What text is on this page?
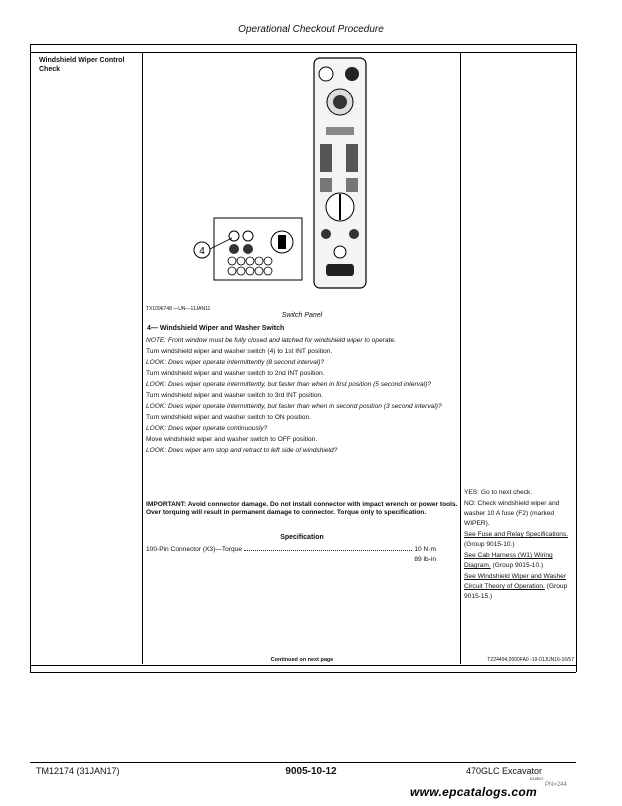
Operational Checkout Procedure
Windshield Wiper Control Check
4
TX1096748 —UN—11JAN11
Switch Panel
4— Windshield Wiper and Washer Switch

NOTE: Front window must be fully closed and latched for windshield wiper to operate.

Turn windshield wiper and washer switch (4) to 1st INT position.

LOOK: Does wiper operate intermittently (8 second interval)?

Turn windshield wiper and washer switch to 2nd INT position.

LOOK: Does wiper operate intermittently, but faster than when in first position (5 second interval)?

Turn windshield wiper and washer switch to 3rd INT position.

LOOK: Does wiper operate intermittently, but faster than when in second position (3 second interval)?

Turn windshield wiper and washer switch to ON position.

LOOK: Does wiper operate continuously?

Move windshield wiper and washer switch to OFF position.

LOOK: Does wiper arm stop and retract to left side of windshield?

IMPORTANT: Avoid connector damage. Do not install connector with impact wrench or power tools. Over torquing will result in permanent damage to connector. Torque only to specification.
Specification
100-Pin Connector (X3)—Torque	10 N·m
89 lb-in

YES: Go to next check.

NO: Check windshield wiper and washer 10 A fuse (F2) (marked WIPER).

See Fuse and Relay Specifications. (Group 9015-10.)

See Cab Harness (W1) Wiring Diagram. (Group 9015-10.)

See Windshield Wiper and Washer Circuit Theory of Operation. (Group 9015-15.)

Continued on next page	TZ24494,0000FA0 -19-01JUN16-16/57
TM12174 (31JAN17)	9005-10-12	470GLC Excavator
012917
PN=244
www.epcatalogs.com
